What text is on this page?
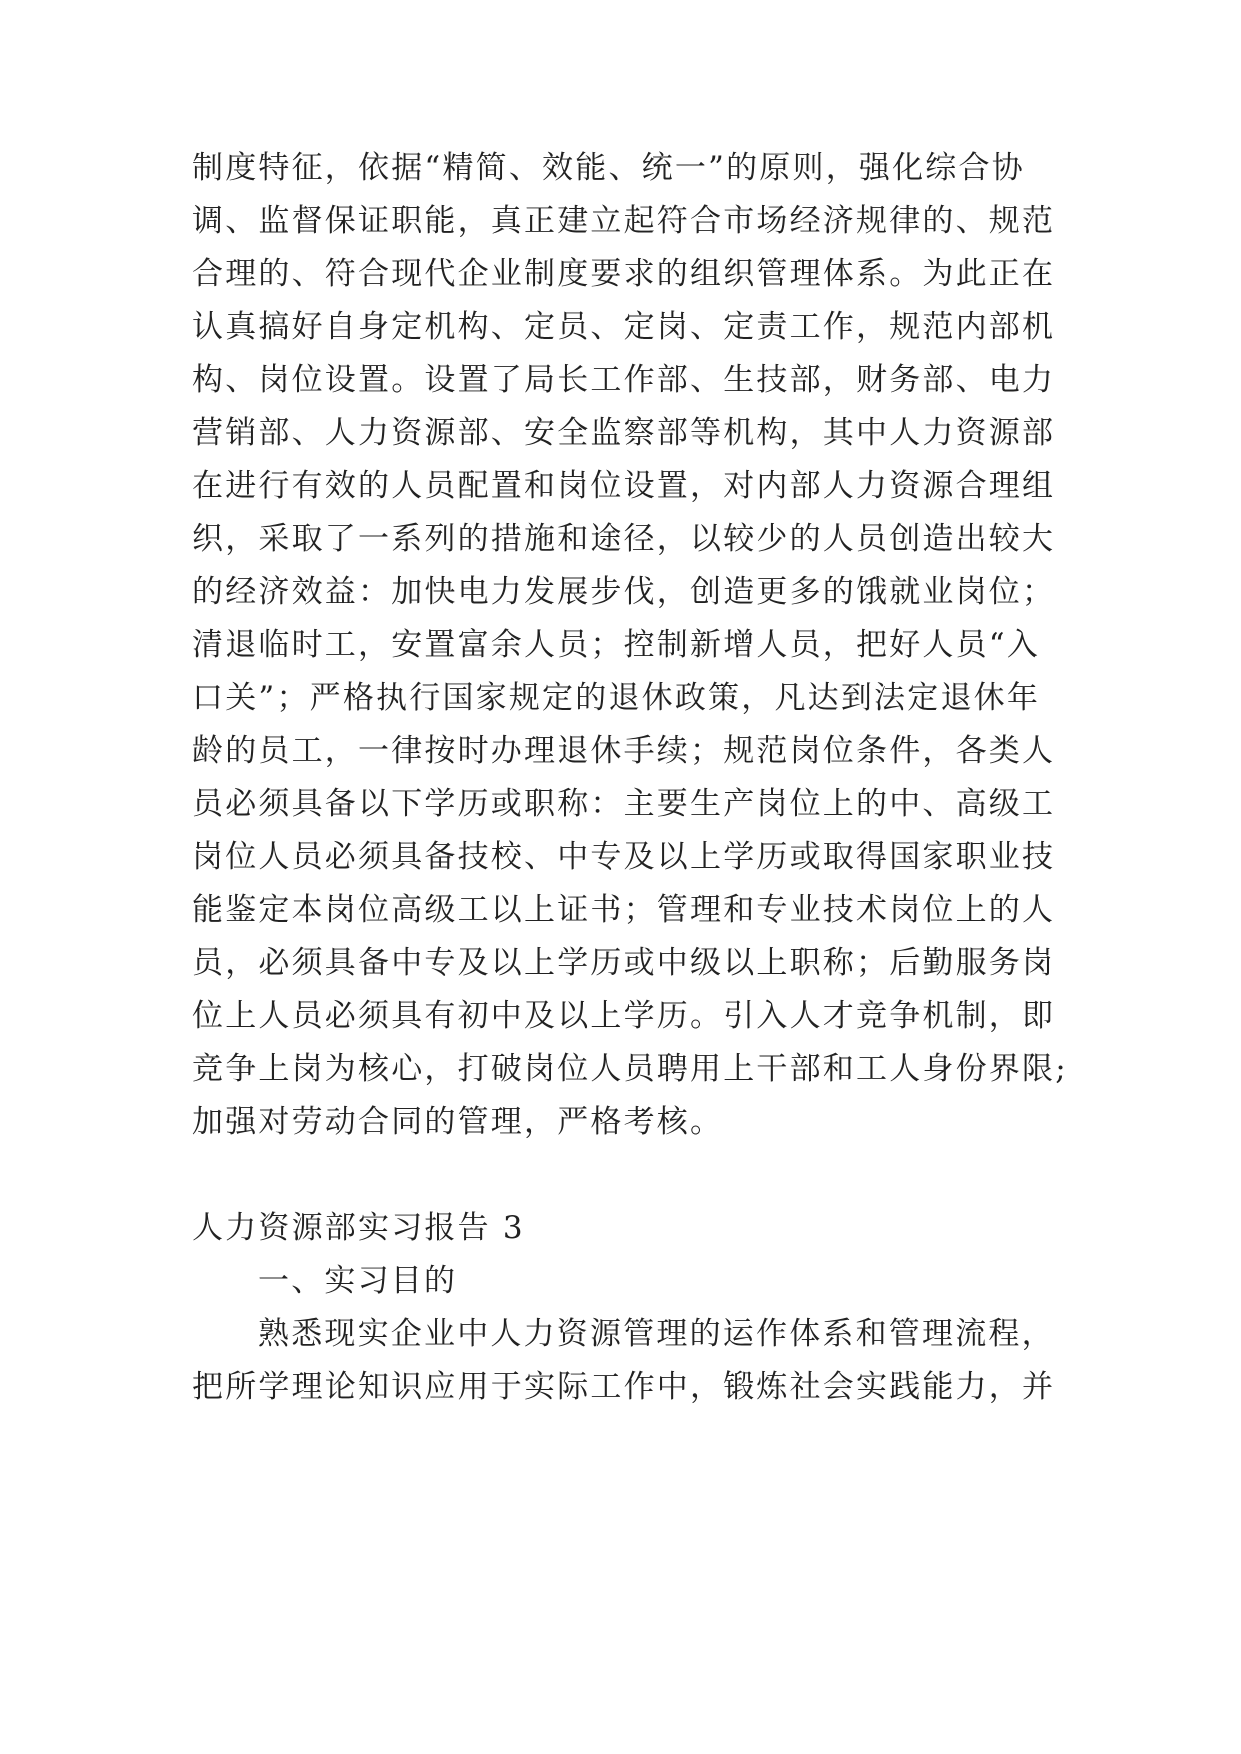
制度特征，依据“精简、效能、统一”的原则，强化综合协
调、监督保证职能，真正建立起符合市场经济规律的、规范
合理的、符合现代企业制度要求的组织管理体系。为此正在
认真搞好自身定机构、定员、定岗、定责工作，规范内部机
构、岗位设置。设置了局长工作部、生技部，财务部、电力
营销部、人力资源部、安全监察部等机构，其中人力资源部
在进行有效的人员配置和岗位设置，对内部人力资源合理组
织，采取了一系列的措施和途径，以较少的人员创造出较大
的经济效益：加快电力发展步伐，创造更多的饿就业岗位；
清退临时工，安置富余人员；控制新增人员，把好人员“入
口关”；严格执行国家规定的退休政策，凡达到法定退休年
龄的员工，一律按时办理退休手续；规范岗位条件，各类人
员必须具备以下学历或职称：主要生产岗位上的中、高级工
岗位人员必须具备技校、中专及以上学历或取得国家职业技
能鉴定本岗位高级工以上证书；管理和专业技术岗位上的人
员，必须具备中专及以上学历或中级以上职称；后勤服务岗
位上人员必须具有初中及以上学历。引入人才竞争机制，即
竞争上岗为核心，打破岗位人员聘用上干部和工人身份界限;
加强对劳动合同的管理，严格考核。
人力资源部实习报告 3
一、实习目的
熟悉现实企业中人力资源管理的运作体系和管理流程，
把所学理论知识应用于实际工作中，锻炼社会实践能力，并
